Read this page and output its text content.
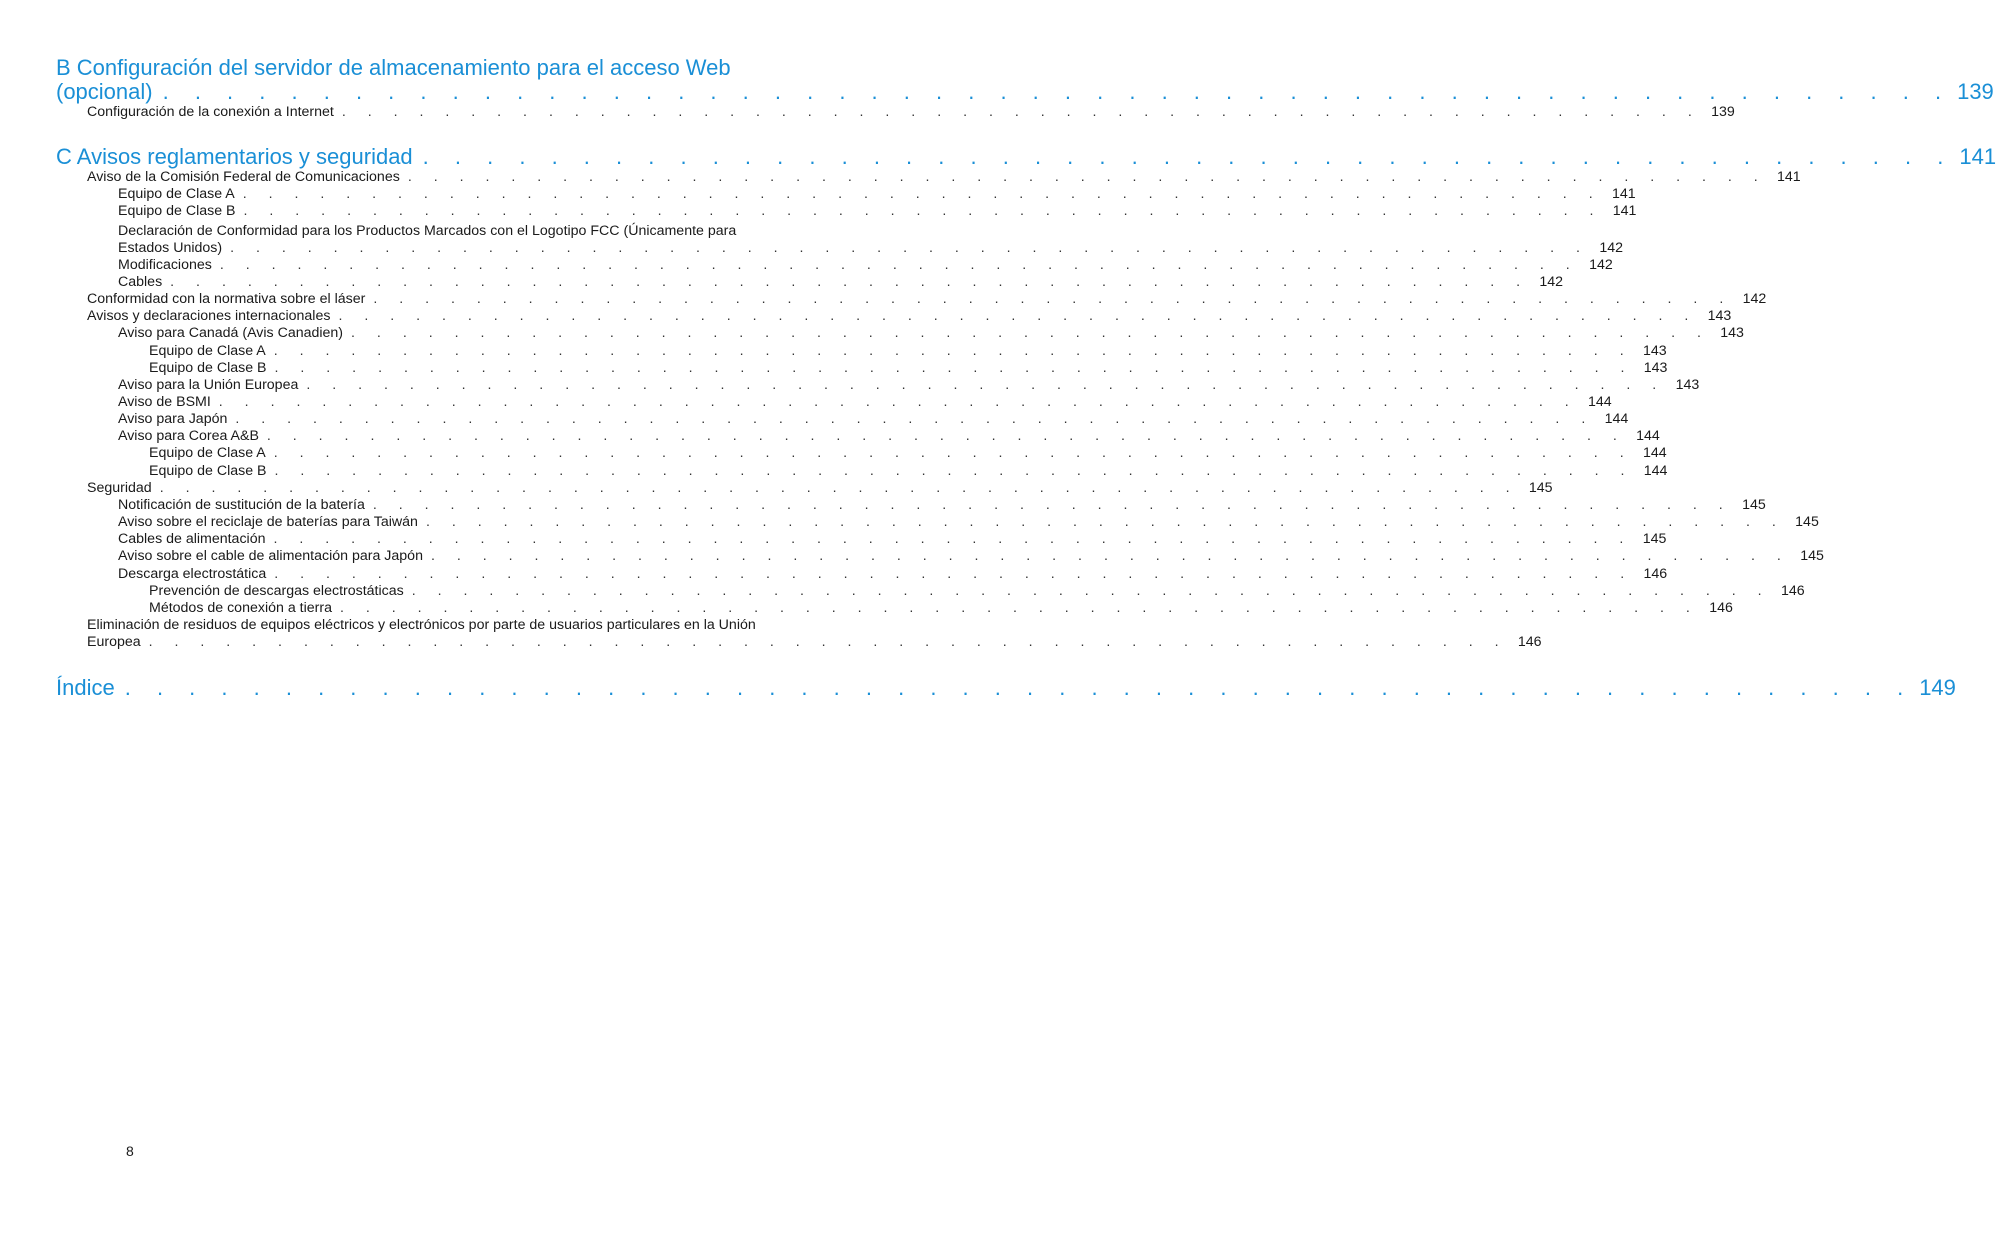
B Configuración del servidor de almacenamiento para el acceso Web
(opcional) . . . . . . . . . . . . . . . . . . . . . . . . . . . . . . . . . . . . . . . . . . . . . . . . . . . . . . . . 139
Configuración de la conexión a Internet . . . . . . . . . . . . . . . . . . . . . . . . . . . . . . . . . . . . . . . . . . . . . . . . . . . . . 139
C Avisos reglamentarios y seguridad . . . . . . . . . . . . . . . . . . . . . . . . . . . . . . . . . . . . . . . . . . . . . . . . 141
Aviso de la Comisión Federal de Comunicaciones . . . . . . . . . . . . . . . . . . . . . . . . . . . . . . . . . . . . . . . . . . . . . . . . . . . . . 141
Equipo de Clase A . . . . . . . . . . . . . . . . . . . . . . . . . . . . . . . . . . . . . . . . . . . . . . . . . . . . . 141
Equipo de Clase B . . . . . . . . . . . . . . . . . . . . . . . . . . . . . . . . . . . . . . . . . . . . . . . . . . . . . 141
Declaración de Conformidad para los Productos Marcados con el Logotipo FCC (Únicamente para
Estados Unidos) . . . . . . . . . . . . . . . . . . . . . . . . . . . . . . . . . . . . . . . . . . . . . . . . . . . . . 142
Modificaciones . . . . . . . . . . . . . . . . . . . . . . . . . . . . . . . . . . . . . . . . . . . . . . . . . . . . . 142
Cables . . . . . . . . . . . . . . . . . . . . . . . . . . . . . . . . . . . . . . . . . . . . . . . . . . . . . 142
Conformidad con la normativa sobre el láser . . . . . . . . . . . . . . . . . . . . . . . . . . . . . . . . . . . . . . . . . . . . . . . . . . . . . 142
Avisos y declaraciones internacionales . . . . . . . . . . . . . . . . . . . . . . . . . . . . . . . . . . . . . . . . . . . . . . . . . . . . . 143
Aviso para Canadá (Avis Canadien) . . . . . . . . . . . . . . . . . . . . . . . . . . . . . . . . . . . . . . . . . . . . . . . . . . . . . 143
Equipo de Clase A . . . . . . . . . . . . . . . . . . . . . . . . . . . . . . . . . . . . . . . . . . . . . . . . . . . . . 143
Equipo de Clase B . . . . . . . . . . . . . . . . . . . . . . . . . . . . . . . . . . . . . . . . . . . . . . . . . . . . . 143
Aviso para la Unión Europea . . . . . . . . . . . . . . . . . . . . . . . . . . . . . . . . . . . . . . . . . . . . . . . . . . . . . 143
Aviso de BSMI . . . . . . . . . . . . . . . . . . . . . . . . . . . . . . . . . . . . . . . . . . . . . . . . . . . . . 144
Aviso para Japón . . . . . . . . . . . . . . . . . . . . . . . . . . . . . . . . . . . . . . . . . . . . . . . . . . . . . 144
Aviso para Corea A&B . . . . . . . . . . . . . . . . . . . . . . . . . . . . . . . . . . . . . . . . . . . . . . . . . . . . . 144
Equipo de Clase A . . . . . . . . . . . . . . . . . . . . . . . . . . . . . . . . . . . . . . . . . . . . . . . . . . . . . 144
Equipo de Clase B . . . . . . . . . . . . . . . . . . . . . . . . . . . . . . . . . . . . . . . . . . . . . . . . . . . . . 144
Seguridad . . . . . . . . . . . . . . . . . . . . . . . . . . . . . . . . . . . . . . . . . . . . . . . . . . . . . 145
Notificación de sustitución de la batería . . . . . . . . . . . . . . . . . . . . . . . . . . . . . . . . . . . . . . . . . . . . . . . . . . . . . 145
Aviso sobre el reciclaje de baterías para Taiwán . . . . . . . . . . . . . . . . . . . . . . . . . . . . . . . . . . . . . . . . . . . . . . . . . . . . . 145
Cables de alimentación . . . . . . . . . . . . . . . . . . . . . . . . . . . . . . . . . . . . . . . . . . . . . . . . . . . . . 145
Aviso sobre el cable de alimentación para Japón . . . . . . . . . . . . . . . . . . . . . . . . . . . . . . . . . . . . . . . . . . . . . . . . . . . . . 145
Descarga electrostática . . . . . . . . . . . . . . . . . . . . . . . . . . . . . . . . . . . . . . . . . . . . . . . . . . . . . 146
Prevención de descargas electrostáticas . . . . . . . . . . . . . . . . . . . . . . . . . . . . . . . . . . . . . . . . . . . . . . . . . . . . . 146
Métodos de conexión a tierra . . . . . . . . . . . . . . . . . . . . . . . . . . . . . . . . . . . . . . . . . . . . . . . . . . . . . 146
Eliminación de residuos de equipos eléctricos y electrónicos por parte de usuarios particulares en la Unión
Europea . . . . . . . . . . . . . . . . . . . . . . . . . . . . . . . . . . . . . . . . . . . . . . . . . . . . . 146
Índice . . . . . . . . . . . . . . . . . . . . . . . . . . . . . . . . . . . . . . . . . . . . . . . . . . . . . . . . 149
8
